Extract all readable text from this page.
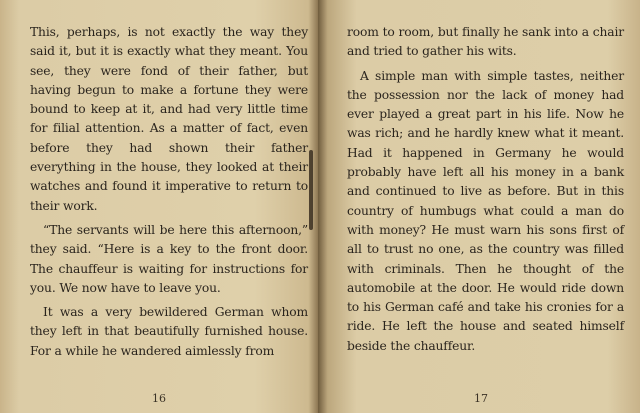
This, perhaps, is not exactly the way they said it, but it is exactly what they meant. You see, they were fond of their father, but having begun to make a fortune they were bound to keep at it, and had very little time for filial attention. As a matter of fact, even before they had shown their father everything in the house, they looked at their watches and found it imperative to return to their work.

“The servants will be here this afternoon,” they said. “Here is a key to the front door. The chauffeur is waiting for instructions for you. We now have to leave you.

It was a very bewildered German whom they left in that beautifully furnished house. For a while he wandered aimlessly from

16

room to room, but finally he sank into a chair and tried to gather his wits.

A simple man with simple tastes, neither the possession nor the lack of money had ever played a great part in his life. Now he was rich; and he hardly knew what it meant. Had it happened in Germany he would probably have left all his money in a bank and continued to live as before. But in this country of humbugs what could a man do with money? He must warn his sons first of all to trust no one, as the country was filled with criminals. Then he thought of the automobile at the door. He would ride down to his German café and take his cronies for a ride. He left the house and seated himself beside the chauffeur.

17
